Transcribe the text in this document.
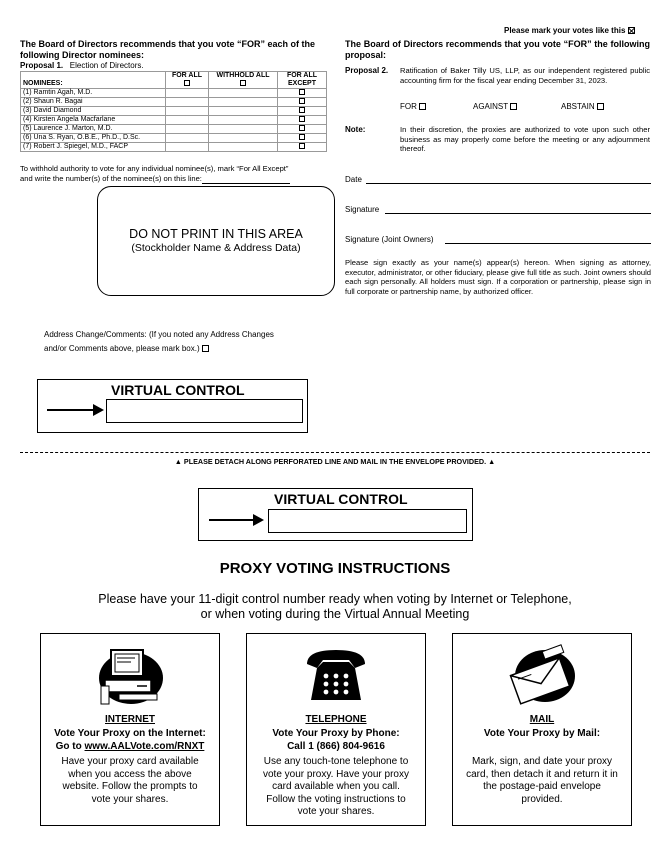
Please mark your votes like this
The Board of Directors recommends that you vote “FOR” each of the following Director nominees:
Proposal 1. Election of Directors.
NOMINEES:	FOR ALL	WITHHOLD ALL	FOR ALL EXCEPT
(1) Ramtin Agah, M.D.			
(2) Shaun R. Bagai			
(3) David Diamond			
(4) Kirsten Angela Macfarlane			
(5) Laurence J. Marton, M.D.			
(6) Una S. Ryan, O.B.E., Ph.D., D.Sc.			
(7) Robert J. Spiegel, M.D., FACP			
To withhold authority to vote for any individual nominee(s), mark “For All Except”
and write the number(s) of the nominee(s) on this line:
DO NOT PRINT IN THIS AREA
(Stockholder Name & Address Data)
Address Change/Comments: (If you noted any Address Changes
and/or Comments above, please mark box.)
VIRTUAL CONTROL
The Board of Directors recommends that you vote “FOR” the following proposal:
Proposal 2. Ratification of Baker Tilly US, LLP, as our independent registered public accounting firm for the fiscal year ending December 31, 2023.
FOR	AGAINST	ABSTAIN
Note:	In their discretion, the proxies are authorized to vote upon such other business as may properly come before the meeting or any adjournment thereof.
Date
Signature
Signature (Joint Owners)
Please sign exactly as your name(s) appear(s) hereon. When signing as attorney, executor, administrator, or other fiduciary, please give full title as such. Joint owners should each sign personally. All holders must sign. If a corporation or partnership, please sign in full corporate or partnership name, by authorized officer.
▲ PLEASE DETACH ALONG PERFORATED LINE AND MAIL IN THE ENVELOPE PROVIDED. ▲
VIRTUAL CONTROL
PROXY VOTING INSTRUCTIONS
Please have your 11-digit control number ready when voting by Internet or Telephone,
or when voting during the Virtual Annual Meeting
INTERNET
Vote Your Proxy on the Internet:
Go to www.AALVote.com/RNXT

Have your proxy card available when you access the above website. Follow the prompts to vote your shares.

TELEPHONE
Vote Your Proxy by Phone:
Call 1 (866) 804-9616

Use any touch-tone telephone to vote your proxy. Have your proxy card available when you call. Follow the voting instructions to vote your shares.

MAIL
Vote Your Proxy by Mail:

Mark, sign, and date your proxy card, then detach it and return it in the postage-paid envelope provided.
